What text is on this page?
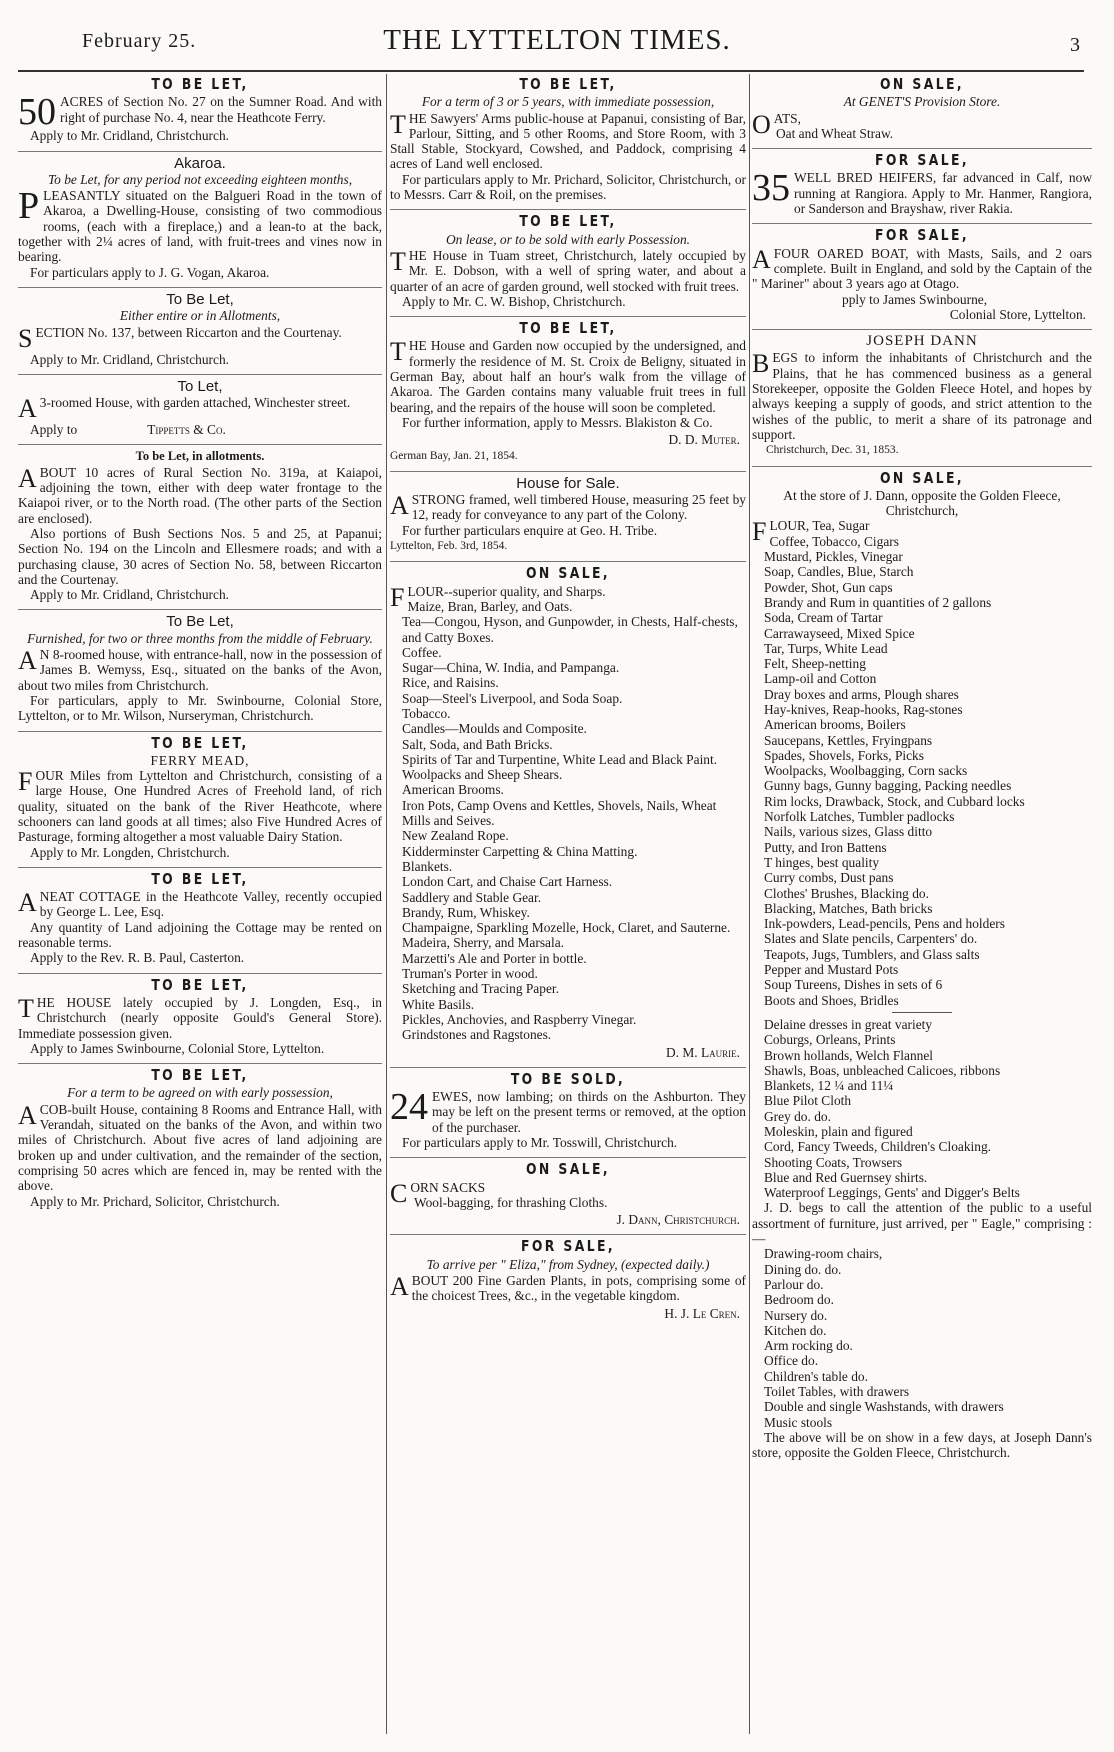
February 25.	THE LYTTELTON TIMES.	3
TO BE LET,

50 ACRES of Section No. 27 on the Sumner Road. And with right of purchase No. 4, near the Heathcote Ferry.

Apply to Mr. Cridland, Christchurch.

Akaroa.
To be Let, for any period not exceeding eighteen months,

PLEASANTLY situated on the Balgueri Road in the town of Akaroa, a Dwelling-House, consisting of two commodious rooms, (each with a fireplace,) and a lean-to at the back, together with 2¼ acres of land, with fruit-trees and vines now in bearing.

For particulars apply to J. G. Vogan, Akaroa.

To Be Let,
Either entire or in Allotments,

SECTION No. 137, between Riccarton and the Courtenay.

Apply to Mr. Cridland, Christchurch.

To Let,

A 3-roomed House, with garden attached, Winchester street.

Apply to	Tippetts & Co.

To be Let, in allotments.

ABOUT 10 acres of Rural Section No. 319a, at Kaiapoi, adjoining the town, either with deep water frontage to the Kaiapoi river, or to the North road. (The other parts of the Section are enclosed).

Also portions of Bush Sections Nos. 5 and 25, at Papanui; Section No. 194 on the Lincoln and Ellesmere roads; and with a purchasing clause, 30 acres of Section No. 58, between Riccarton and the Courtenay.

Apply to Mr. Cridland, Christchurch.

To Be Let,
Furnished, for two or three months from the middle of February.

A N 8-roomed house, with entrance-hall, now in the possession of James B. Wemyss, Esq., situated on the banks of the Avon, about two miles from Christchurch.

For particulars, apply to Mr. Swinbourne, Colonial Store, Lyttelton, or to Mr. Wilson, Nurseryman, Christchurch.

TO BE LET,
FERRY MEAD,

FOUR Miles from Lyttelton and Christchurch, consisting of a large House, One Hundred Acres of Freehold land, of rich quality, situated on the bank of the River Heathcote, where schooners can land goods at all times; also Five Hundred Acres of Pasturage, forming altogether a most valuable Dairy Station.

Apply to Mr. Longden, Christchurch.

TO BE LET,

ANEAT COTTAGE in the Heathcote Valley, recently occupied by George L. Lee, Esq.

Any quantity of Land adjoining the Cottage may be rented on reasonable terms.

Apply to the Rev. R. B. Paul, Casterton.

TO BE LET,

THE HOUSE lately occupied by J. Longden, Esq., in Christchurch (nearly opposite Gould's General Store). Immediate possession given.

Apply to James Swinbourne, Colonial Store, Lyttelton.

TO BE LET,
For a term to be agreed on with early possession,

ACOB-built House, containing 8 Rooms and Entrance Hall, with Verandah, situated on the banks of the Avon, and within two miles of Christchurch. About five acres of land adjoining are broken up and under cultivation, and the remainder of the section, comprising 50 acres which are fenced in, may be rented with the above.

Apply to Mr. Prichard, Solicitor, Christchurch.

TO BE LET,
For a term of 3 or 5 years, with immediate possession,

THE Sawyers' Arms public-house at Papanui, consisting of Bar, Parlour, Sitting, and 5 other Rooms, and Store Room, with 3 Stall Stable, Stockyard, Cowshed, and Paddock, comprising 4 acres of Land well enclosed.

For particulars apply to Mr. Prichard, Solicitor, Christchurch, or to Messrs. Carr & Roil, on the premises.

TO BE LET,
On lease, or to be sold with early Possession.

THE House in Tuam street, Christchurch, lately occupied by Mr. E. Dobson, with a well of spring water, and about a quarter of an acre of garden ground, well stocked with fruit trees.

Apply to Mr. C. W. Bishop, Christchurch.

TO BE LET,

THE House and Garden now occupied by the undersigned, and formerly the residence of M. St. Croix de Beligny, situated in German Bay, about half an hour's walk from the village of Akaroa. The Garden contains many valuable fruit trees in full bearing, and the repairs of the house will soon be completed.

For further information, apply to Messrs. Blakiston & Co.

D. D. Muter.
German Bay, Jan. 21, 1854.
House for Sale.

ASTRONG framed, well timbered House, measuring 25 feet by 12, ready for conveyance to any part of the Colony.

For further particulars enquire at Geo. H. Tribe.

Lyttelton, Feb. 3rd, 1854.
ON SALE,

FLOUR--superior quality, and Sharps.

Maize, Bran, Barley, and Oats.
Tea—Congou, Hyson, and Gunpowder, in Chests, Half-chests, and Catty Boxes.
Coffee.
Sugar—China, W. India, and Pampanga.
Rice, and Raisins.
Soap—Steel's Liverpool, and Soda Soap.
Tobacco.
Candles—Moulds and Composite.
Salt, Soda, and Bath Bricks.
Spirits of Tar and Turpentine, White Lead and Black Paint.
Woolpacks and Sheep Shears.
American Brooms.
Iron Pots, Camp Ovens and Kettles, Shovels, Nails, Wheat Mills and Seives.
New Zealand Rope.
Kidderminster Carpetting & China Matting.
Blankets.
London Cart, and Chaise Cart Harness.
Saddlery and Stable Gear.
Brandy, Rum, Whiskey.
Champaigne, Sparkling Mozelle, Hock, Claret, and Sauterne.
Madeira, Sherry, and Marsala.
Marzetti's Ale and Porter in bottle.
Truman's Porter in wood.
Sketching and Tracing Paper.
White Basils.
Pickles, Anchovies, and Raspberry Vinegar.
Grindstones and Ragstones.
D. M. Laurie.
TO BE SOLD,

24 EWES, now lambing; on thirds on the Ashburton. They may be left on the present terms or removed, at the option of the purchaser.

For particulars apply to Mr. Tosswill, Christchurch.

ON SALE,

CORN SACKS

Wool-bagging, for thrashing Cloths.

J. Dann, Christchurch.
FOR SALE,
To arrive per " Eliza," from Sydney, (expected daily.)

ABOUT 200 Fine Garden Plants, in pots, comprising some of the choicest Trees, &c., in the vegetable kingdom.

H. J. Le Cren.
ON SALE,
At GENET'S Provision Store.

OATS,

Oat and Wheat Straw.

FOR SALE,

35 WELL BRED HEIFERS, far advanced in Calf, now running at Rangiora. Apply to Mr. Hanmer, Rangiora, or Sanderson and Brayshaw, river Rakia.

FOR SALE,

AFOUR OARED BOAT, with Masts, Sails, and 2 oars complete. Built in England, and sold by the Captain of the " Mariner" about 3 years ago at Otago.

pply to James Swinbourne,

Colonial Store, Lyttelton.

JOSEPH DANN

BEGS to inform the inhabitants of Christchurch and the Plains, that he has commenced business as a general Storekeeper, opposite the Golden Fleece Hotel, and hopes by always keeping a supply of goods, and strict attention to the wishes of the public, to merit a share of its patronage and support.

Christchurch, Dec. 31, 1853.
ON SALE,

At the store of J. Dann, opposite the Golden Fleece, Christchurch,

FLOUR, Tea, Sugar

Coffee, Tobacco, Cigars
Mustard, Pickles, Vinegar
Soap, Candles, Blue, Starch
Powder, Shot, Gun caps
Brandy and Rum in quantities of 2 gallons
Soda, Cream of Tartar
Carrawayseed, Mixed Spice
Tar, Turps, White Lead
Felt, Sheep-netting
Lamp-oil and Cotton
Dray boxes and arms, Plough shares
Hay-knives, Reap-hooks, Rag-stones
American brooms, Boilers
Saucepans, Kettles, Fryingpans
Spades, Shovels, Forks, Picks
Woolpacks, Woolbagging, Corn sacks
Gunny bags, Gunny bagging, Packing needles
Rim locks, Drawback, Stock, and Cubbard locks
Norfolk Latches, Tumbler padlocks
Nails, various sizes, Glass ditto
Putty, and Iron Battens
T hinges, best quality
Curry combs, Dust pans
Clothes' Brushes, Blacking do.
Blacking, Matches, Bath bricks
Ink-powders, Lead-pencils, Pens and holders
Slates and Slate pencils, Carpenters' do.
Teapots, Jugs, Tumblers, and Glass salts
Pepper and Mustard Pots
Soup Tureens, Dishes in sets of 6
Boots and Shoes, Bridles
Delaine dresses in great variety
Coburgs, Orleans, Prints
Brown hollands, Welch Flannel
Shawls, Boas, unbleached Calicoes, ribbons
Blankets, 12 ¼ and 11¼
Blue Pilot Cloth
Grey do. do.
Moleskin, plain and figured
Cord, Fancy Tweeds, Children's Cloaking.
Shooting Coats, Trowsers
Blue and Red Guernsey shirts.
Waterproof Leggings, Gents' and Digger's Belts

J. D. begs to call the attention of the public to a useful assortment of furniture, just arrived, per " Eagle," comprising :—

Drawing-room chairs,
Dining do. do.
Parlour do.
Bedroom do.
Nursery do.
Kitchen do.
Arm rocking do.
Office do.
Children's table do.
Toilet Tables, with drawers
Double and single Washstands, with drawers
Music stools

The above will be on show in a few days, at Joseph Dann's store, opposite the Golden Fleece, Christchurch.
